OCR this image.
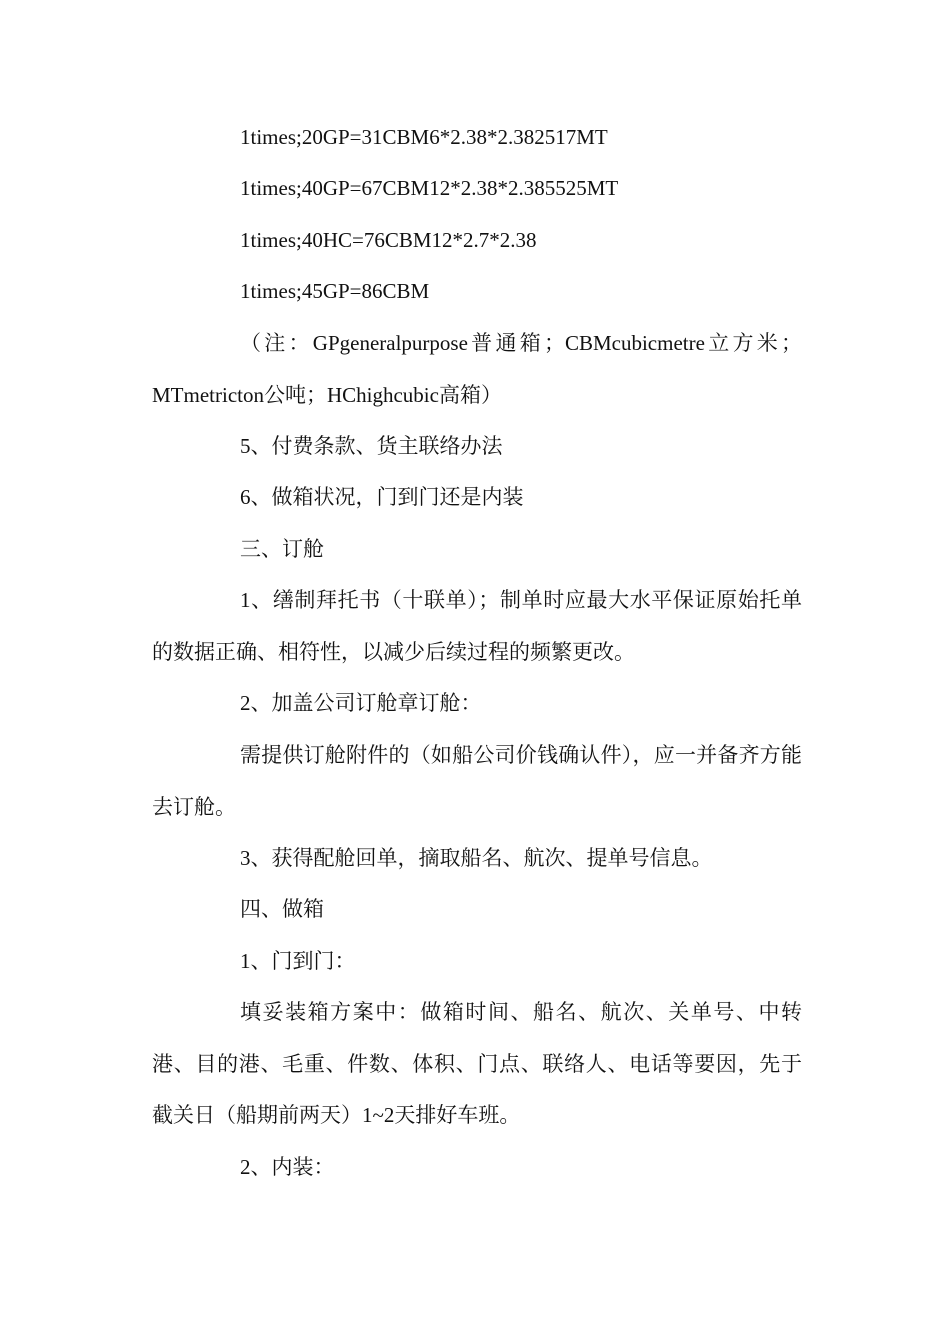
1times;20GP=31CBM6*2.38*2.382517MT

1times;40GP=67CBM12*2.38*2.385525MT

1times;40HC=76CBM12*2.7*2.38

1times;45GP=86CBM

（注：GPgeneralpurpose普通箱；CBMcubicmetre立方米；MTmetricton公吨；HChighcubic高箱）

5、付费条款、货主联络办法

6、做箱状况，门到门还是内装

三、订舱

1、缮制拜托书（十联单）；制单时应最大水平保证原始托单的数据正确、相符性，以减少后续过程的频繁更改。

2、加盖公司订舱章订舱：

需提供订舱附件的（如船公司价钱确认件），应一并备齐方能去订舱。

3、获得配舱回单，摘取船名、航次、提单号信息。

四、做箱

1、门到门：

填妥装箱方案中：做箱时间、船名、航次、关单号、中转港、目的港、毛重、件数、体积、门点、联络人、电话等要因，先于截关日（船期前两天）1~2天排好车班。

2、内装：
